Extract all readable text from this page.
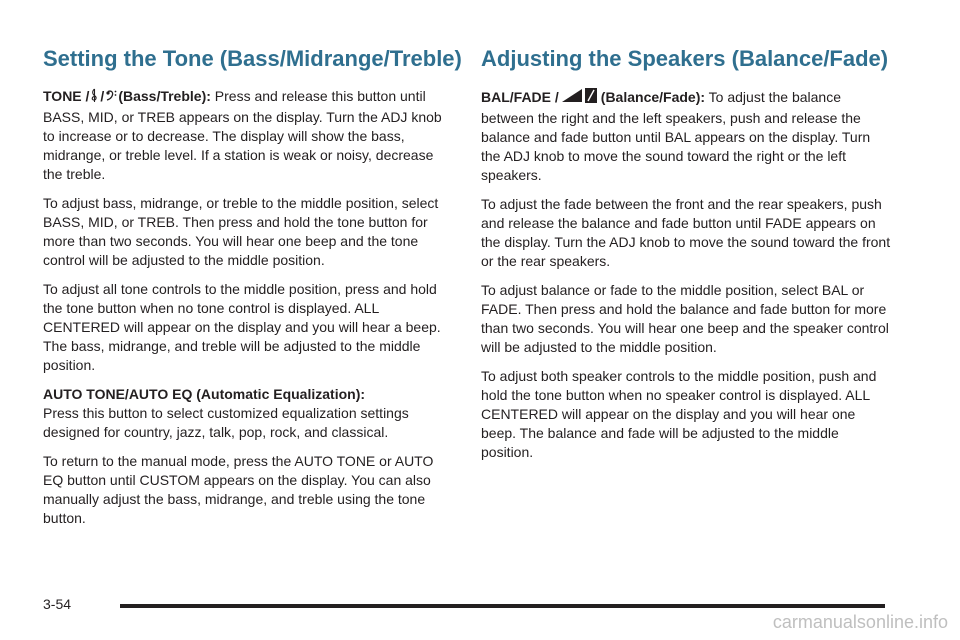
Setting the Tone (Bass/Midrange/Treble)

TONE / / (Bass/Treble): Press and release this button until BASS, MID, or TREB appears on the display. Turn the ADJ knob to increase or to decrease. The display will show the bass, midrange, or treble level. If a station is weak or noisy, decrease the treble.

To adjust bass, midrange, or treble to the middle position, select BASS, MID, or TREB. Then press and hold the tone button for more than two seconds. You will hear one beep and the tone control will be adjusted to the middle position.

To adjust all tone controls to the middle position, press and hold the tone button when no tone control is displayed. ALL CENTERED will appear on the display and you will hear a beep. The bass, midrange, and treble will be adjusted to the middle position.

AUTO TONE/AUTO EQ (Automatic Equalization):
Press this button to select customized equalization settings designed for country, jazz, talk, pop, rock, and classical.

To return to the manual mode, press the AUTO TONE or AUTO EQ button until CUSTOM appears on the display. You can also manually adjust the bass, midrange, and treble using the tone button.

Adjusting the Speakers (Balance/Fade)

BAL/FADE /	(Balance/Fade): To adjust the balance between the right and the left speakers, push and release the balance and fade button until BAL appears on the display. Turn the ADJ knob to move the sound toward the right or the left speakers.

To adjust the fade between the front and the rear speakers, push and release the balance and fade button until FADE appears on the display. Turn the ADJ knob to move the sound toward the front or the rear speakers.

To adjust balance or fade to the middle position, select BAL or FADE. Then press and hold the balance and fade button for more than two seconds. You will hear one beep and the speaker control will be adjusted to the middle position.

To adjust both speaker controls to the middle position, push and hold the tone button when no speaker control is displayed. ALL CENTERED will appear on the display and you will hear one beep. The balance and fade will be adjusted to the middle position.

3-54
carmanualsonline.info
